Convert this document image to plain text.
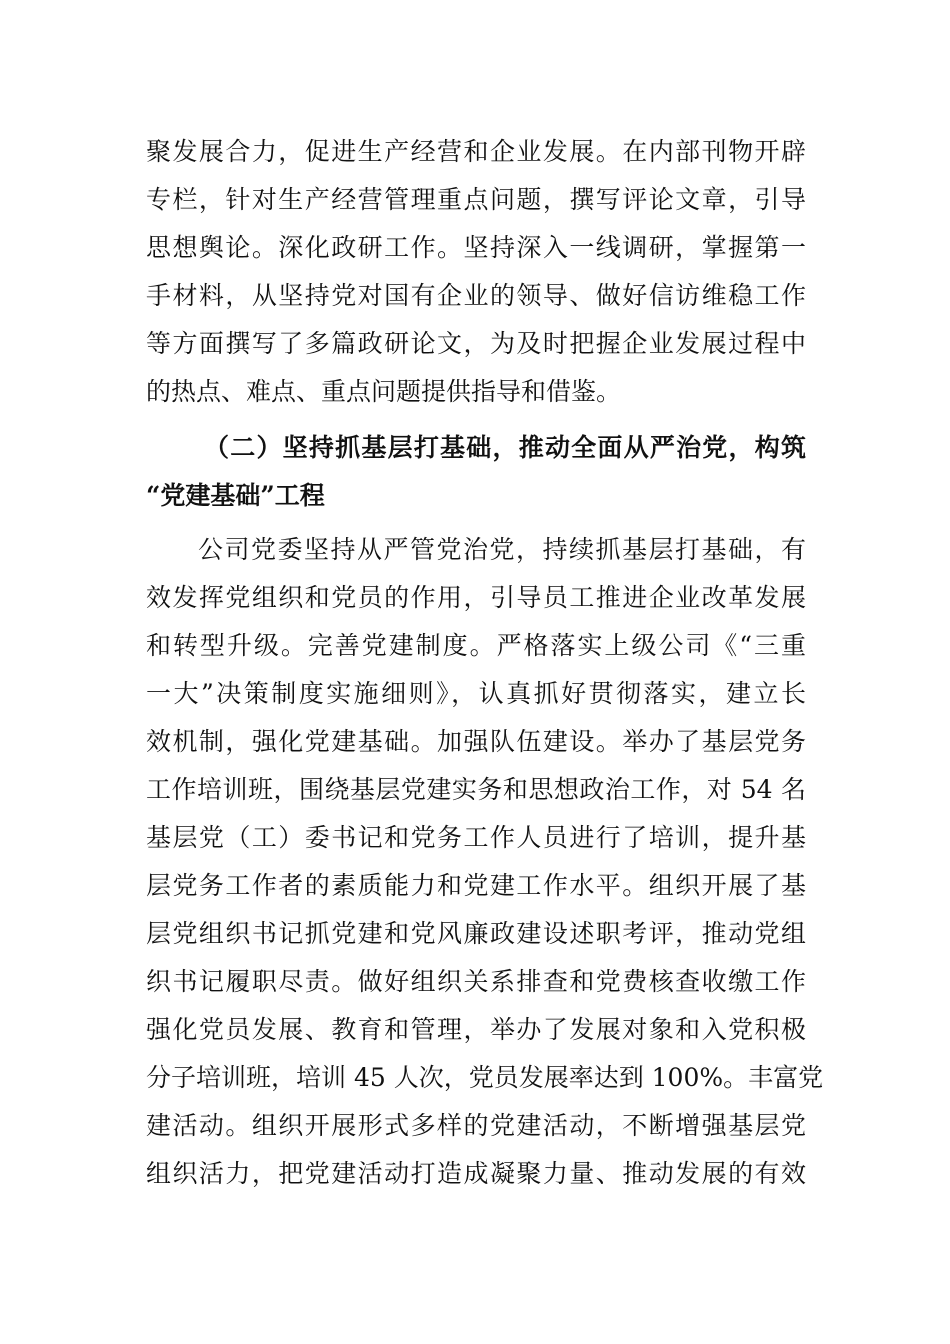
聚发展合力，促进生产经营和企业发展。在内部刊物开辟
专栏，针对生产经营管理重点问题，撰写评论文章，引导
思想舆论。深化政研工作。坚持深入一线调研，掌握第一
手材料，从坚持党对国有企业的领导、做好信访维稳工作
等方面撰写了多篇政研论文，为及时把握企业发展过程中
的热点、难点、重点问题提供指导和借鉴。
（二）坚持抓基层打基础，推动全面从严治党，构筑
“党建基础”工程
公司党委坚持从严管党治党，持续抓基层打基础，有
效发挥党组织和党员的作用，引导员工推进企业改革发展
和转型升级。完善党建制度。严格落实上级公司《“三重
一大”决策制度实施细则》，认真抓好贯彻落实，建立长
效机制，强化党建基础。加强队伍建设。举办了基层党务
工作培训班，围绕基层党建实务和思想政治工作，对 54 名
基层党（工）委书记和党务工作人员进行了培训，提升基
层党务工作者的素质能力和党建工作水平。组织开展了基
层党组织书记抓党建和党风廉政建设述职考评，推动党组
织书记履职尽责。做好组织关系排查和党费核查收缴工作
强化党员发展、教育和管理，举办了发展对象和入党积极
分子培训班，培训 45 人次，党员发展率达到 100%。丰富党
建活动。组织开展形式多样的党建活动，不断增强基层党
组织活力，把党建活动打造成凝聚力量、推动发展的有效
